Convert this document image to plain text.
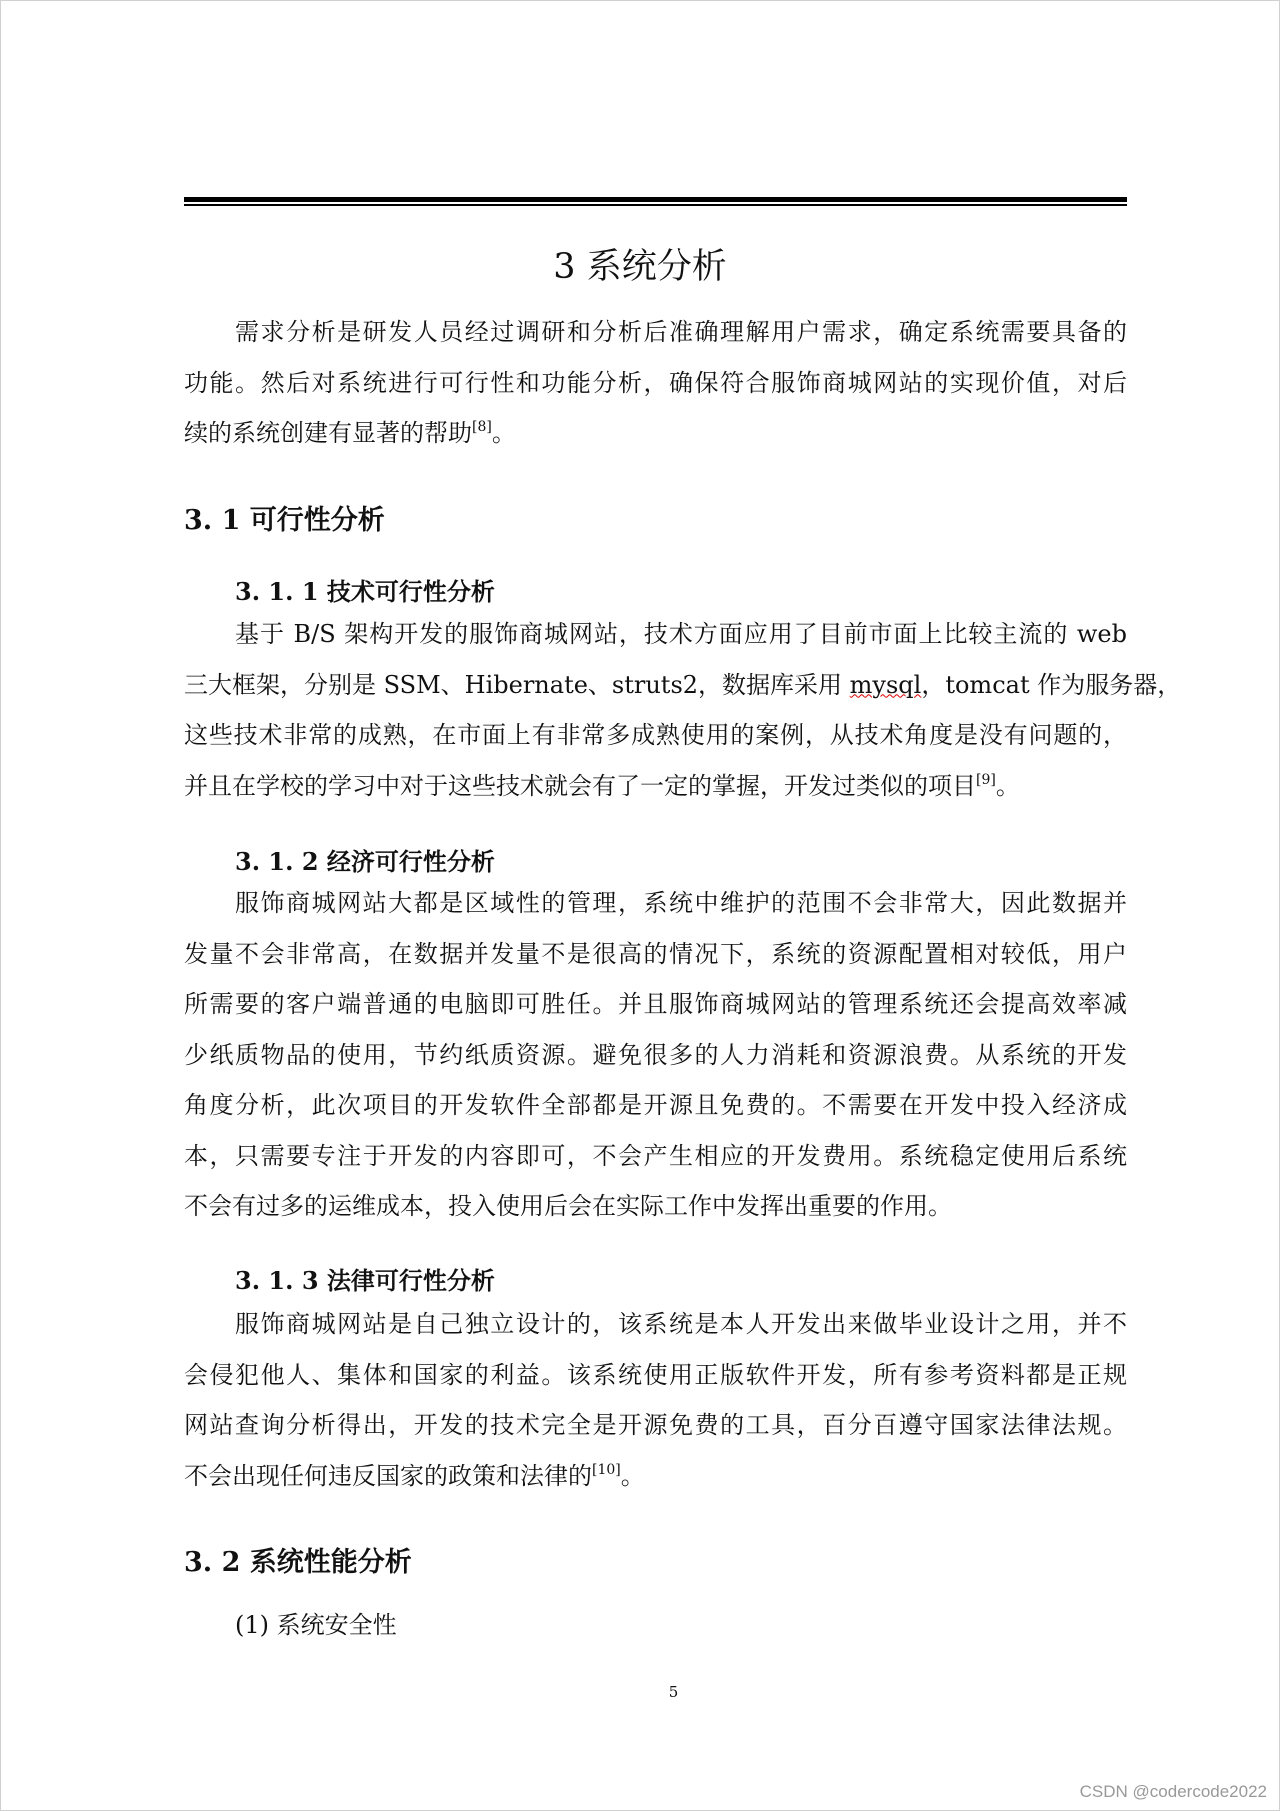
3 系统分析
需求分析是研发人员经过调研和分析后准确理解用户需求，确定系统需要具备的
功能。然后对系统进行可行性和功能分析，确保符合服饰商城网站的实现价值，对后
续的系统创建有显著的帮助[8]。
3. 1 可行性分析
3. 1. 1 技术可行性分析
基于 B/S 架构开发的服饰商城网站，技术方面应用了目前市面上比较主流的 web
三大框架，分别是 SSM、Hibernate、struts2，数据库采用 mysql，tomcat 作为服务器，
这些技术非常的成熟，在市面上有非常多成熟使用的案例，从技术角度是没有问题的，
并且在学校的学习中对于这些技术就会有了一定的掌握，开发过类似的项目[9]。
3. 1. 2 经济可行性分析
服饰商城网站大都是区域性的管理，系统中维护的范围不会非常大，因此数据并
发量不会非常高，在数据并发量不是很高的情况下，系统的资源配置相对较低，用户
所需要的客户端普通的电脑即可胜任。并且服饰商城网站的管理系统还会提高效率减
少纸质物品的使用，节约纸质资源。避免很多的人力消耗和资源浪费。从系统的开发
角度分析，此次项目的开发软件全部都是开源且免费的。不需要在开发中投入经济成
本，只需要专注于开发的内容即可，不会产生相应的开发费用。系统稳定使用后系统
不会有过多的运维成本，投入使用后会在实际工作中发挥出重要的作用。
3. 1. 3 法律可行性分析
服饰商城网站是自己独立设计的，该系统是本人开发出来做毕业设计之用，并不
会侵犯他人、集体和国家的利益。该系统使用正版软件开发，所有参考资料都是正规
网站查询分析得出，开发的技术完全是开源免费的工具，百分百遵守国家法律法规。
不会出现任何违反国家的政策和法律的[10]。
3. 2 系统性能分析
(1) 系统安全性
5
CSDN @codercode2022
